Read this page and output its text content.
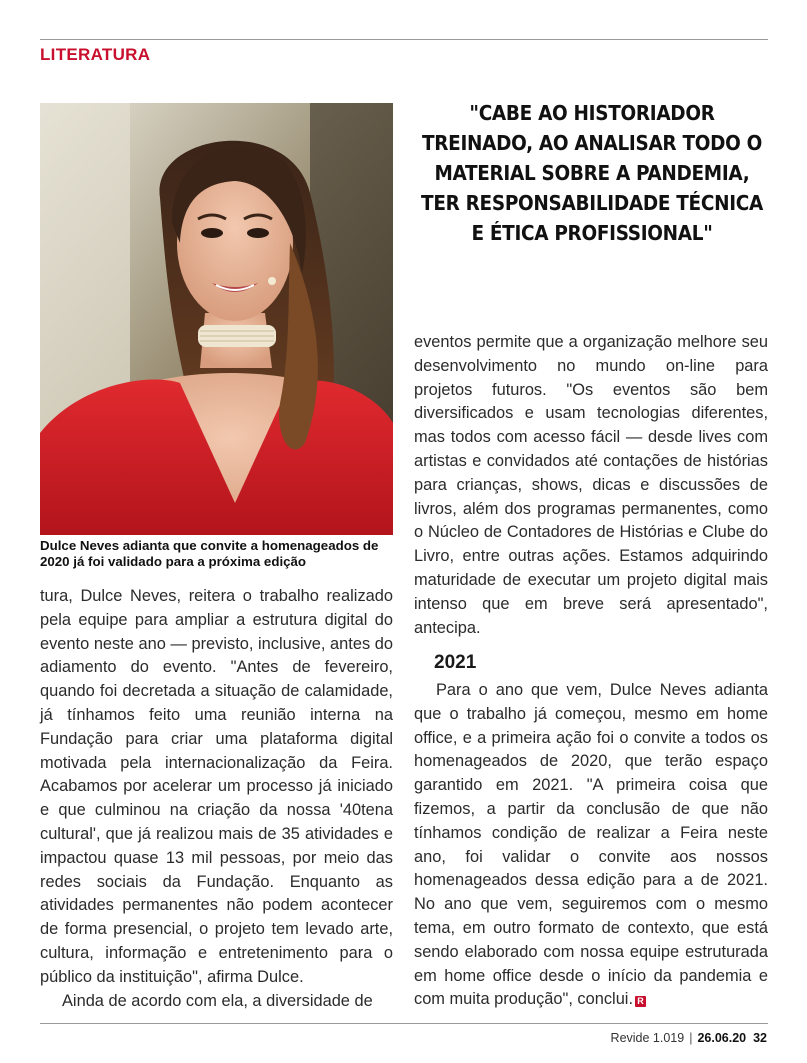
LITERATURA

Dulce Neves adianta que convite a homenageados de 2020 já foi validado para a próxima edição

"CABE AO HISTORIADOR TREINADO, AO ANALISAR TODO O MATERIAL SOBRE A PANDEMIA, TER RESPONSABILIDADE TÉCNICA E ÉTICA PROFISSIONAL"

tura, Dulce Neves, reitera o trabalho realizado pela equipe para ampliar a estrutura digital do evento neste ano — previsto, inclusive, antes do adiamento do evento. "Antes de fevereiro, quando foi decretada a situação de calamidade, já tínhamos feito uma reunião interna na Fundação para criar uma plataforma digital motivada pela internacionalização da Feira. Acabamos por acelerar um processo já iniciado e que culminou na criação da nossa '40tena cultural', que já realizou mais de 35 atividades e impactou quase 13 mil pessoas, por meio das redes sociais da Fundação. Enquanto as atividades permanentes não podem acontecer de forma presencial, o projeto tem levado arte, cultura, informação e entretenimento para o público da instituição", afirma Dulce.

Ainda de acordo com ela, a diversidade de

eventos permite que a organização melhore seu desenvolvimento no mundo on-line para projetos futuros. "Os eventos são bem diversificados e usam tecnologias diferentes, mas todos com acesso fácil — desde lives com artistas e convidados até contações de histórias para crianças, shows, dicas e discussões de livros, além dos programas permanentes, como o Núcleo de Contadores de Histórias e Clube do Livro, entre outras ações. Estamos adquirindo maturidade de executar um projeto digital mais intenso que em breve será apresentado", antecipa.

2021

Para o ano que vem, Dulce Neves adianta que o trabalho já começou, mesmo em home office, e a primeira ação foi o convite a todos os homenageados de 2020, que terão espaço garantido em 2021. "A primeira coisa que fizemos, a partir da conclusão de que não tínhamos condição de realizar a Feira neste ano, foi validar o convite aos nossos homenageados dessa edição para a de 2021. No ano que vem, seguiremos com o mesmo tema, em outro formato de contexto, que está sendo elaborado com nossa equipe estruturada em home office desde o início da pandemia e com muita produção", conclui. R

Revide 1.019 | 26.06.20 32
